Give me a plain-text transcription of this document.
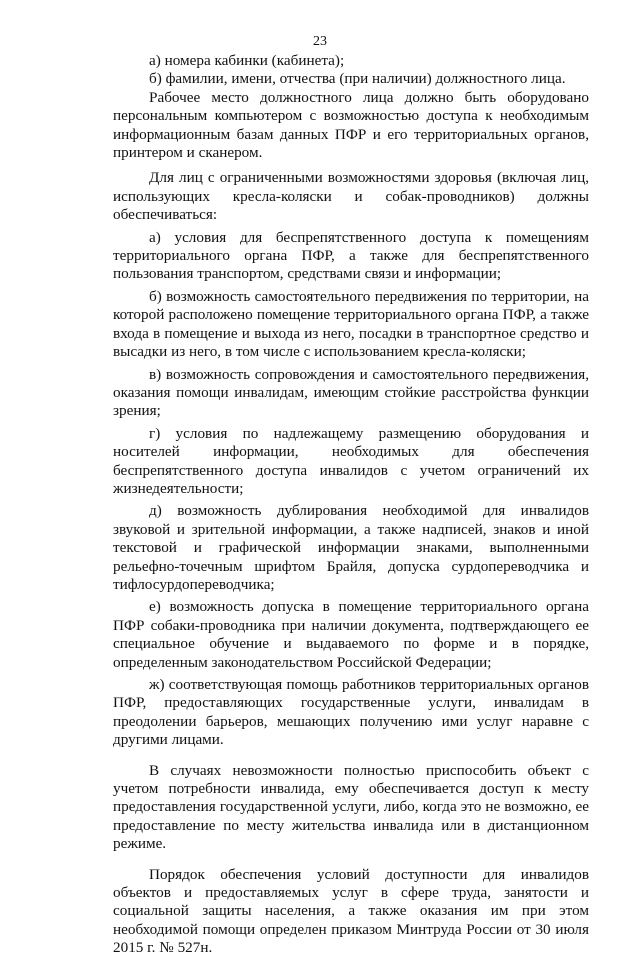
23

а) номера кабинки (кабинета);

б) фамилии, имени, отчества (при наличии) должностного лица.

Рабочее место должностного лица должно быть оборудовано персональным компьютером с возможностью доступа к необходимым информационным базам данных ПФР и его территориальных органов, принтером и сканером.

Для лиц с ограниченными возможностями здоровья (включая лиц, использующих кресла-коляски и собак-проводников) должны обеспечиваться:

а) условия для беспрепятственного доступа к помещениям территориального органа ПФР, а также для беспрепятственного пользования транспортом, средствами связи и информации;

б) возможность самостоятельного передвижения по территории, на которой расположено помещение территориального органа ПФР, а также входа в помещение и выхода из него, посадки в транспортное средство и высадки из него, в том числе с использованием кресла-коляски;

в) возможность сопровождения и самостоятельного передвижения, оказания помощи инвалидам, имеющим стойкие расстройства функции зрения;

г) условия по надлежащему размещению оборудования и носителей информации, необходимых для обеспечения беспрепятственного доступа инвалидов с учетом ограничений их жизнедеятельности;

д) возможность дублирования необходимой для инвалидов звуковой и зрительной информации, а также надписей, знаков и иной текстовой и графической информации знаками, выполненными рельефно-точечным шрифтом Брайля, допуска сурдопереводчика и тифлосурдопереводчика;

е) возможность допуска в помещение территориального органа ПФР собаки-проводника при наличии документа, подтверждающего ее специальное обучение и выдаваемого по форме и в порядке, определенным законодательством Российской Федерации;

ж) соответствующая помощь работников территориальных органов ПФР, предоставляющих государственные услуги, инвалидам в преодолении барьеров, мешающих получению ими услуг наравне с другими лицами.

В случаях невозможности полностью приспособить объект с учетом потребности инвалида, ему обеспечивается доступ к месту предоставления государственной услуги, либо, когда это не возможно, ее предоставление по месту жительства инвалида или в дистанционном режиме.

Порядок обеспечения условий доступности для инвалидов объектов и предоставляемых услуг в сфере труда, занятости и социальной защиты населения, а также оказания им при этом необходимой помощи определен приказом Минтруда России от 30 июля 2015 г. № 527н.
